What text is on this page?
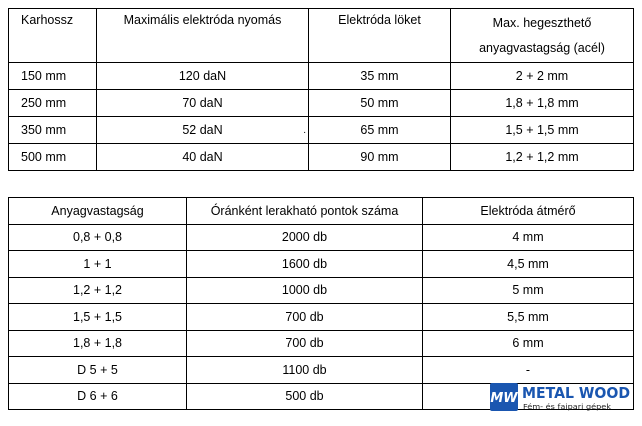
Karhossz	Maximális elektróda nyomás	Elektróda löket	Max. hegeszthető
anyagvastagság (acél)

150 mm	120 daN	35 mm	2 + 2 mm
250 mm	70 daN	50 mm	1,8 + 1,8 mm
350 mm	52 daN	65 mm	1,5 + 1,5 mm
500 mm	40 daN	90 mm	1,2 + 1,2 mm
·
Anyagvastagság	Óránként lerakható pontok száma	Elektróda átmérő
0,8 + 0,8	2000 db	4 mm
1 + 1	1600 db	4,5 mm
1,2 + 1,2	1000 db	5 mm
1,5 + 1,5	700 db	5,5 mm
1,8 + 1,8	700 db	6 mm
D 5 + 5	1100 db	-
D 6 + 6	500 db		MW METAL WOOD
Fém- és faipari gépek
